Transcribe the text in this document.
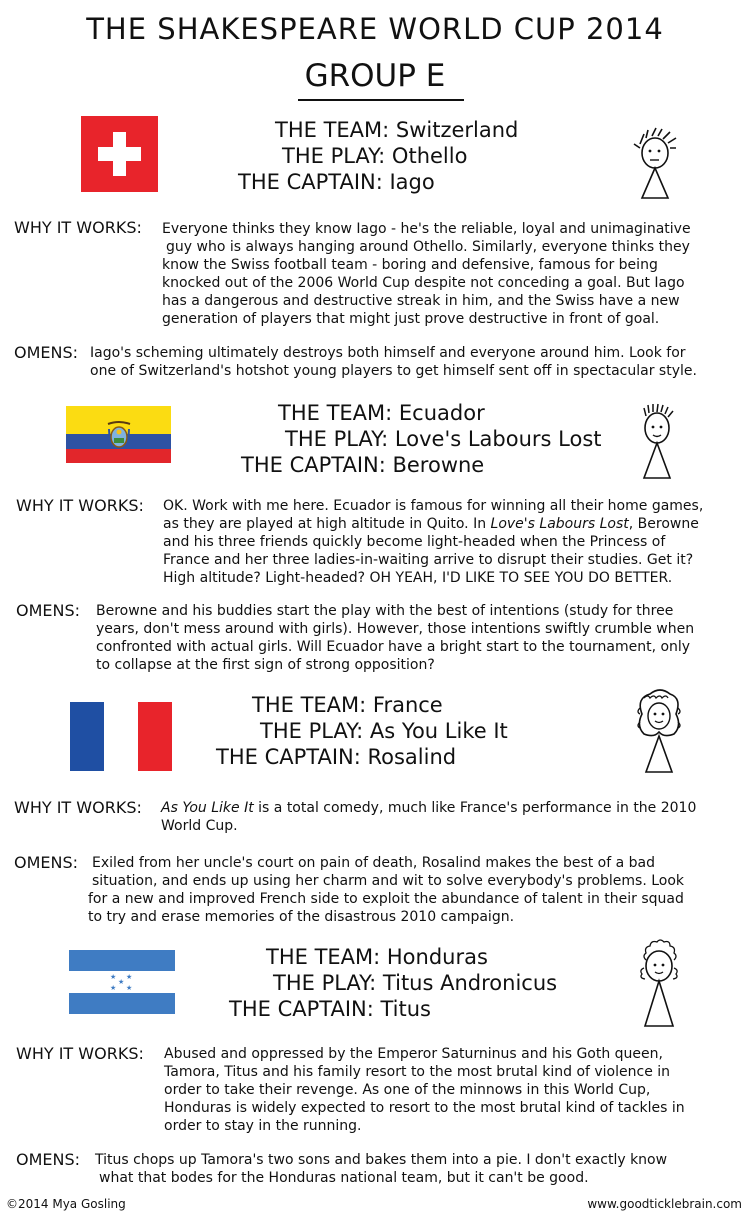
THE SHAKESPEARE WORLD CUP 2014
GROUP E
THE TEAM: Switzerland
THE PLAY: Othello
THE CAPTAIN: Iago
WHY IT WORKS: Everyone thinks they know Iago - he's the reliable, loyal and unimaginative
guy who is always hanging around Othello. Similarly, everyone thinks they
know the Swiss football team - boring and defensive, famous for being
knocked out of the 2006 World Cup despite not conceding a goal. But Iago
has a dangerous and destructive streak in him, and the Swiss have a new
generation of players that might just prove destructive in front of goal.
OMENS: Iago's scheming ultimately destroys both himself and everyone around him. Look for
one of Switzerland's hotshot young players to get himself sent off in spectacular style.
THE TEAM: Ecuador
THE PLAY: Love's Labours Lost
THE CAPTAIN: Berowne
WHY IT WORKS: OK. Work with me here. Ecuador is famous for winning all their home games,
as they are played at high altitude in Quito. In Love's Labours Lost, Berowne
and his three friends quickly become light-headed when the Princess of
France and her three ladies-in-waiting arrive to disrupt their studies. Get it?
High altitude? Light-headed? OH YEAH, I'D LIKE TO SEE YOU DO BETTER.
OMENS: Berowne and his buddies start the play with the best of intentions (study for three
years, don't mess around with girls). However, those intentions swiftly crumble when
confronted with actual girls. Will Ecuador have a bright start to the tournament, only
to collapse at the first sign of strong opposition?
THE TEAM: France
THE PLAY: As You Like It
THE CAPTAIN: Rosalind
WHY IT WORKS: As You Like It is a total comedy, much like France's performance in the 2010
World Cup.
OMENS: Exiled from her uncle's court on pain of death, Rosalind makes the best of a bad
situation, and ends up using her charm and wit to solve everybody's problems. Look
for a new and improved French side to exploit the abundance of talent in their squad
to try and erase memories of the disastrous 2010 campaign.
★ ★
★
★ ★
THE TEAM: Honduras
THE PLAY: Titus Andronicus
THE CAPTAIN: Titus
WHY IT WORKS: Abused and oppressed by the Emperor Saturninus and his Goth queen,
Tamora, Titus and his family resort to the most brutal kind of violence in
order to take their revenge. As one of the minnows in this World Cup,
Honduras is widely expected to resort to the most brutal kind of tackles in
order to stay in the running.
OMENS: Titus chops up Tamora's two sons and bakes them into a pie. I don't exactly know
what that bodes for the Honduras national team, but it can't be good.
©2014 Mya Gosling	www.goodticklebrain.com
